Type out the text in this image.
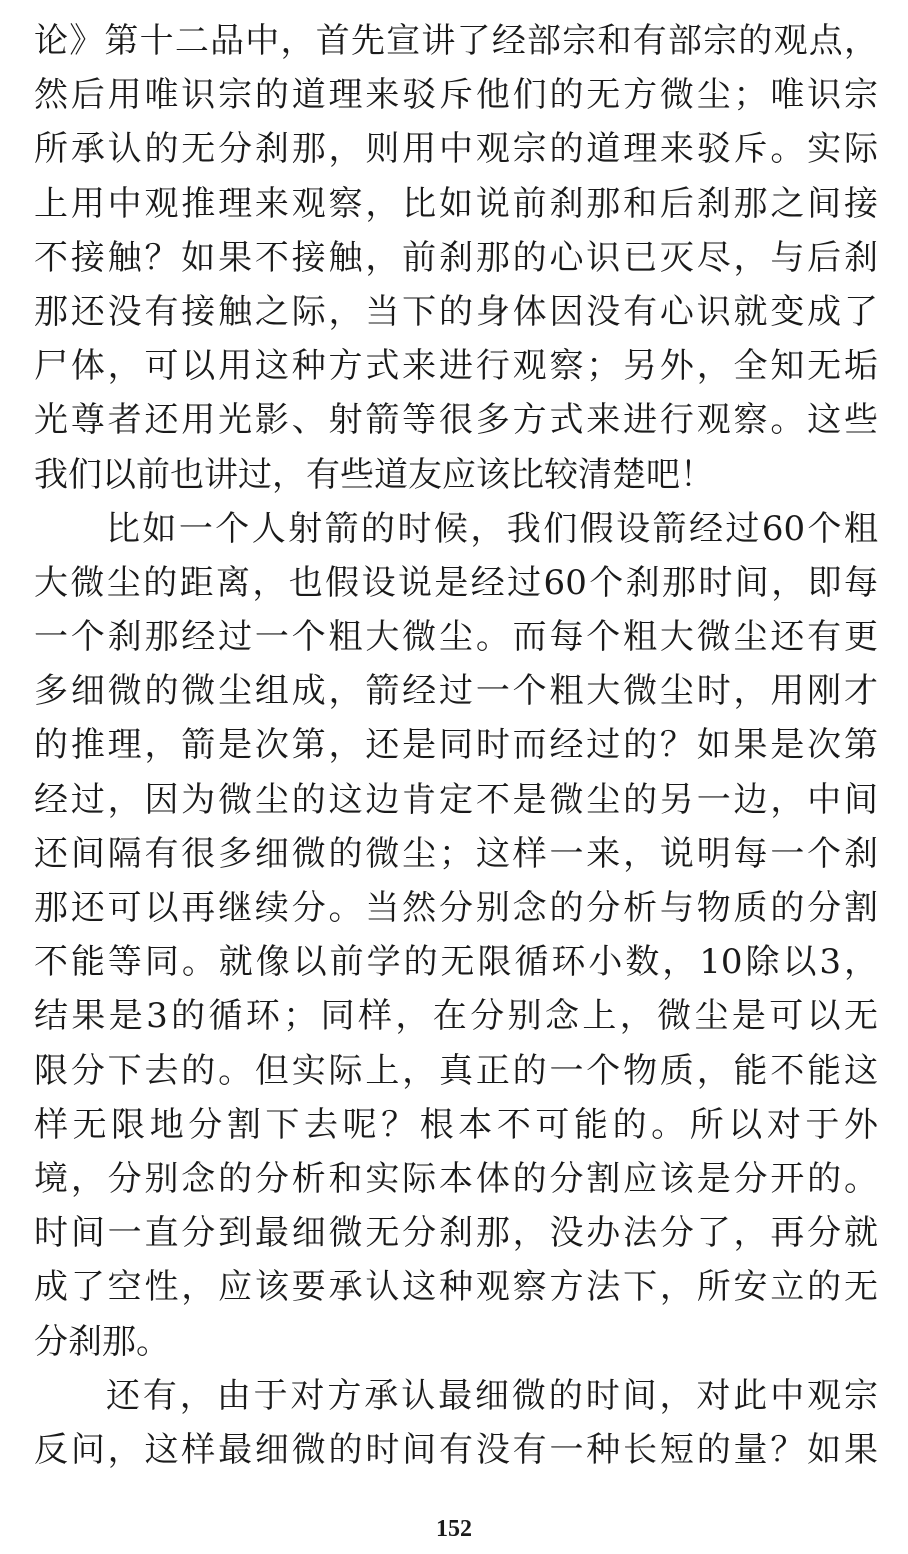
论》第十二品中，首先宣讲了经部宗和有部宗的观点，
然后用唯识宗的道理来驳斥他们的无方微尘；唯识宗
所承认的无分刹那，则用中观宗的道理来驳斥。实际
上用中观推理来观察，比如说前刹那和后刹那之间接
不接触？如果不接触，前刹那的心识已灭尽，与后刹
那还没有接触之际，当下的身体因没有心识就变成了
尸体，可以用这种方式来进行观察；另外，全知无垢
光尊者还用光影、射箭等很多方式来进行观察。这些
我们以前也讲过，有些道友应该比较清楚吧！
比如一个人射箭的时候，我们假设箭经过60个粗
大微尘的距离，也假设说是经过60个刹那时间，即每
一个刹那经过一个粗大微尘。而每个粗大微尘还有更
多细微的微尘组成，箭经过一个粗大微尘时，用刚才
的推理，箭是次第，还是同时而经过的？如果是次第
经过，因为微尘的这边肯定不是微尘的另一边，中间
还间隔有很多细微的微尘；这样一来，说明每一个刹
那还可以再继续分。当然分别念的分析与物质的分割
不能等同。就像以前学的无限循环小数，10除以3，
结果是3的循环；同样，在分别念上，微尘是可以无
限分下去的。但实际上，真正的一个物质，能不能这
样无限地分割下去呢？根本不可能的。所以对于外
境，分别念的分析和实际本体的分割应该是分开的。
时间一直分到最细微无分刹那，没办法分了，再分就
成了空性，应该要承认这种观察方法下，所安立的无
分刹那。
还有，由于对方承认最细微的时间，对此中观宗
反问，这样最细微的时间有没有一种长短的量？如果
152
